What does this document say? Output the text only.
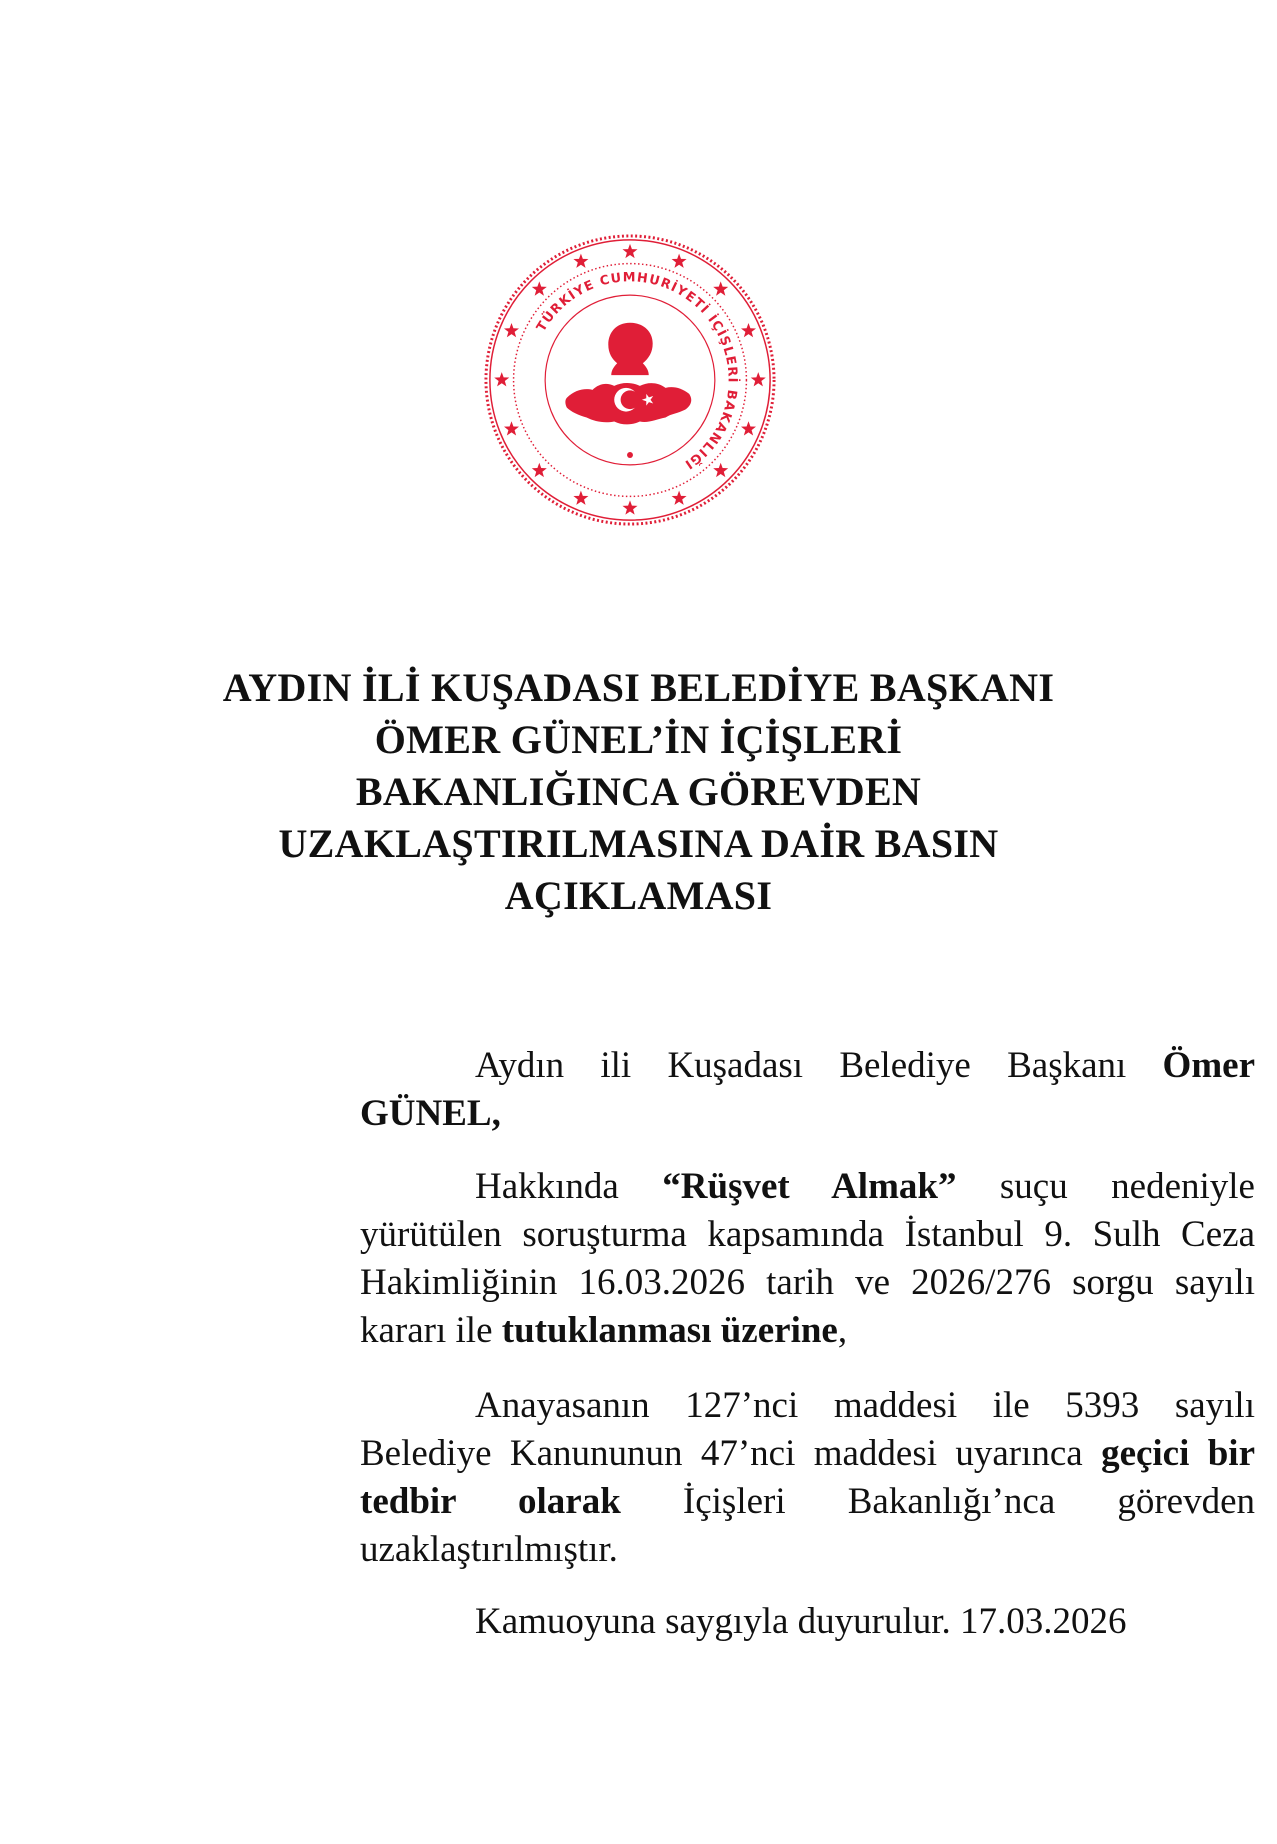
TÜRKİYE CUMHURİYETİ İÇİŞLERİ BAKANLIĞI
AYDIN İLİ KUŞADASI BELEDİYE BAŞKANI
ÖMER GÜNEL’İN İÇİŞLERİ
BAKANLIĞINCA GÖREVDEN
UZAKLAŞTIRILMASINA DAİR BASIN
AÇIKLAMASI

Aydın ili Kuşadası Belediye Başkanı Ömer GÜNEL,

Hakkında “Rüşvet Almak” suçu nedeniyle yürütülen soruşturma kapsamında İstanbul 9. Sulh Ceza Hakimliğinin 16.03.2026 tarih ve 2026/276 sorgu sayılı kararı ile tutuklanması üzerine,

Anayasanın 127’nci maddesi ile 5393 sayılı Belediye Kanununun 47’nci maddesi uyarınca geçici bir tedbir olarak İçişleri Bakanlığı’nca görevden uzaklaştırılmıştır.

Kamuoyuna saygıyla duyurulur. 17.03.2026
